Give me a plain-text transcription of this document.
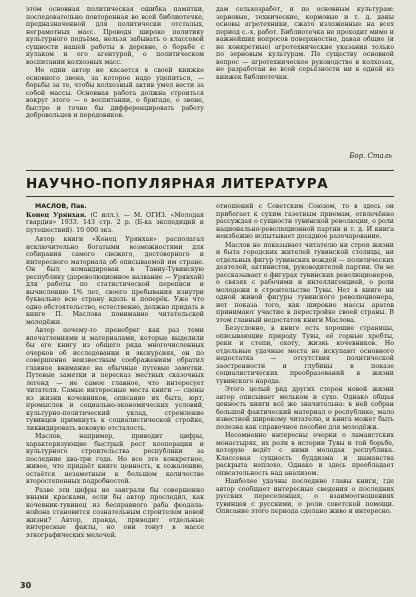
этом основная политическая ошибка памятки, последовательно повторенная во всей библиотечке, предназначенной для политически отсталых, неграмотных масс. Проводя широко политику культурного подъёма, нельзя забывать о классовой сущности нашей работы в деревне, о борьбе с кулаком и его агентурой, о политическом воспитании колхозных масс.

Не один автор не касается в своей книжке основного звена, за которое надо уцепиться, — борьбы за то, чтобы колхозный актив умел вести за собой массы. Основная работа должна строиться вокруг этого — о воспитании, о бригаде, о звене, быстро и точно бы дифференцировать работу добровольцев и передовиков.

дам сельхозработ, и по основным культурам: зерновые, технические, кормовые и т. д. даны основы агротехники, сжато изложенные на всех период с.-х. работ. Библиотечка не проходит мимо и важнейших вопросов поверхностно, давая общие (и не конкретные) агротехнические указания только по зерновым культурам. По существу основной вопрос — агротехническое руководство в колхозах, не разработан во всей серьёзности ни в одной из книжек библиотечки.

Бор. Сталь
НАУЧНО-ПОПУЛЯРНАЯ ЛИТЕРАТУРА

МАСЛОВ, Пав.

Конец Урянхая. (С илл.). — М. ОГИЗ. «Молодая гвардия» 1933. 143 стр. 2 р. (Б-ка экспедиций и путешествий). 10 000 экз.

Автор книги «Конец Урянхая» располагал исключительно богатыми возможностями для собирания самого свежего, достоверного и интересного материала об описываемой им стране. Он был командирован в Танну-Тувинскую республику (дореволюционное название — Урянхай) для работы по статистической переписи и вычислению 1% лет, своего пребывания изнутри буквально всю страну вдоль и поперёк. Уже что одно обстоятельство, естественно, должно придать в книге П. Маслова понимание читательской молодёжи.

Автор почему-то пренебрег как раз теми впечатлениями и материалами, которые выделили бы его книгу из общего ряда многочисленных очерков об исследовании и экскурсиях, он по совершенно неизвестным соображениям обратил главное внимание на обычные путевые заметки. Путевые заметки и пересказ местных сказочных легенд — не самое главное, что интересует читателя. Самые интересные места книги — сцены из жизни кочевников, описание их быта, юрт, промыслов и социально-экономических условий, культурно-политический уклад, стремление тувинцев примкнуть к социалистической стройке, ликвидировать вековую отсталость.

Маслов, например, приводит цифры, характеризующие быстрый рост кооперации и культурного строительства республики за последние два-три года. Но все это конкретное, живое, что придаёт книге ценность, к сожалению, остаётся незаметным в большом количестве второстепенных подробностей.

Разве эти цифры не заиграли бы совершенно иными красками, если бы автор проследил, как кочевник-тувинец из бесправного раба феодала-нойона становится сознательным строителем новой жизни? Автор, правда, приводит отдельные интересные факты, но они тонут в массе этнографических мелочей.

отношений с Советским Союзом, то в здесь он прибегает к сухим газетным приемам, отвлечённо рассуждая о сущности тувинской революции, о роли национально-революционной партии и т. д. И книга неизбежно испытывает досадное разочарование.

Маслов не показывает читателю ни строя жизни и быта городских жителей тувинской столицы, ни отдельных фигур тувинских вождей — политических деятелей, активистов, руководителей партии. Он не рассказывает о фигурах тувинских революционеров, о связях с рабочими и интеллигенцией, о роли молодежи в строительстве Тувы. Нет в книге ни одной живой фигуры тувинского революционера, нет показа того, как широкие массы аратов принимают участие в перестройке своей страны. В этом главный недостаток книги Маслова.

Безусловно, в книге есть хорошие страницы, описывающие природу Тувы, её горные хребты, реки и степи, охоту, жизнь кочевников. Но отдельные удачные места не искупают основного недостатка — отсутствия политической заостренности и глубины в показе социалистических преобразований в жизни тувинского народа.

Этого целый ряд других сторон новой жизни автор описывает мельком и сухо. Однако общая ценность книги всё же значительна: в ней собран большой фактический материал о республике, мало известной широкому читателю, и книга может быть полезна как справочное пособие для молодёжи.

Несомненно интересны очерки о ламаистских монастырях, их роли в истории Тувы и той борьбе, которую ведёт с ними молодая республика. Классовая сущность буддизма и шаманства раскрыта неплохо. Однако и здесь преобладает описательность над анализом.

Наиболее удачны последние главы книги, где автор сообщает интересные сведения о последних русских переселенцах, о взаимоотношениях тувинцев с русскими, о роли советской помощи. Описание этого периода сделано живо и интересно.

30
